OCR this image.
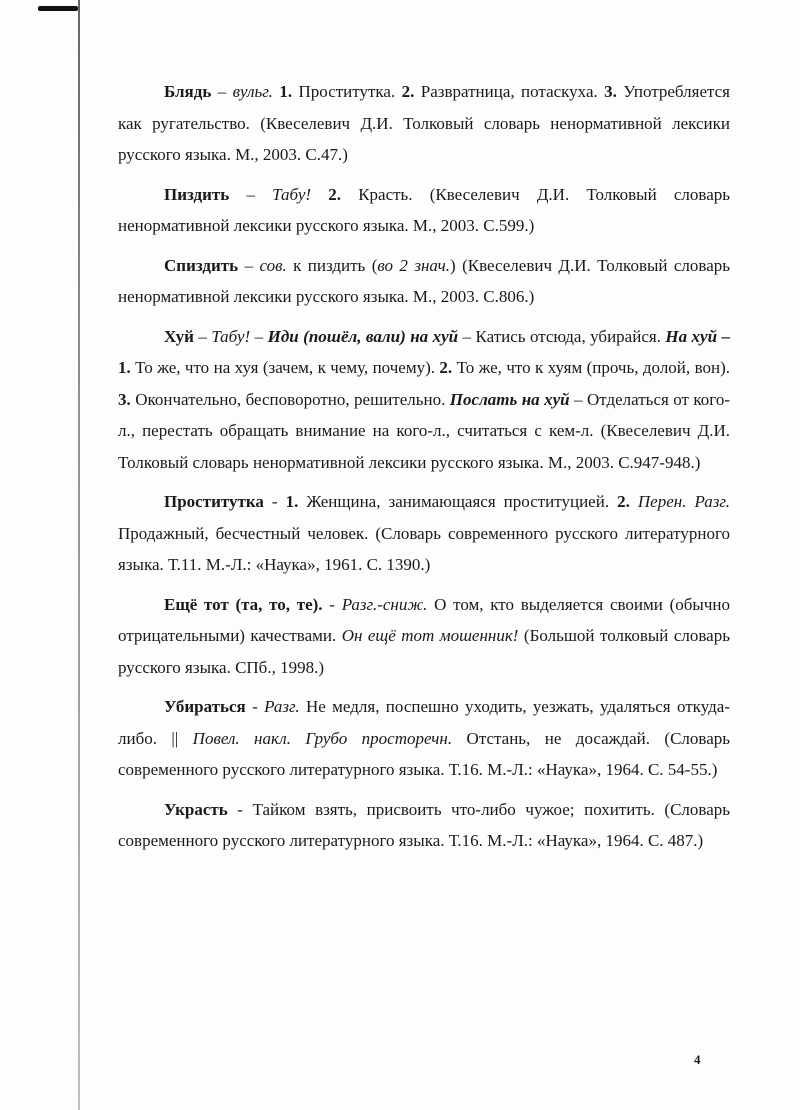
Блядь – вульг. 1. Проститутка. 2. Развратница, потаскуха. 3. Употребляется как ругательство. (Квеселевич Д.И. Толковый словарь ненормативной лексики русского языка. М., 2003. С.47.)

Пиздить – Табу! 2. Красть. (Квеселевич Д.И. Толковый словарь ненормативной лексики русского языка. М., 2003. С.599.)

Спиздить – сов. к пиздить (во 2 знач.) (Квеселевич Д.И. Толковый словарь ненормативной лексики русского языка. М., 2003. С.806.)

Хуй – Табу! – Иди (пошёл, вали) на хуй – Катись отсюда, убирайся. На хуй – 1. То же, что на хуя (зачем, к чему, почему). 2. То же, что к хуям (прочь, долой, вон). 3. Окончательно, бесповоротно, решительно. Послать на хуй – Отделаться от кого-л., перестать обращать внимание на кого-л., считаться с кем-л. (Квеселевич Д.И. Толковый словарь ненормативной лексики русского языка. М., 2003. С.947-948.)

Проститутка - 1. Женщина, занимающаяся проституцией. 2. Перен. Разг. Продажный, бесчестный человек. (Словарь современного русского литературного языка. Т.11. М.-Л.: «Наука», 1961. С. 1390.)

Ещё тот (та, то, те). - Разг.-сниж. О том, кто выделяется своими (обычно отрицательными) качествами. Он ещё тот мошенник! (Большой толковый словарь русского языка. СПб., 1998.)

Убираться - Разг. Не медля, поспешно уходить, уезжать, удаляться откуда-либо. || Повел. накл. Грубо просторечн. Отстань, не досаждай. (Словарь современного русского литературного языка. Т.16. М.-Л.: «Наука», 1964. С. 54-55.)

Украсть - Тайком взять, присвоить что-либо чужое; похитить. (Словарь современного русского литературного языка. Т.16. М.-Л.: «Наука», 1964. С. 487.)

4
